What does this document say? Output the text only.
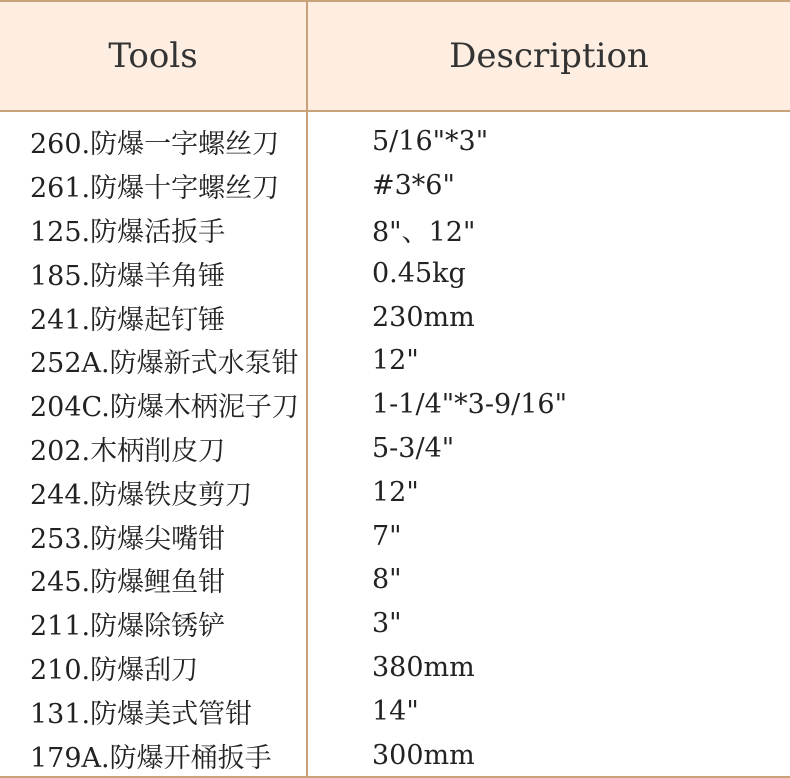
Tools	Description
260.防爆一字螺丝刀	5/16"*3"
261.防爆十字螺丝刀	#3*6"
125.防爆活扳手	8"、12"
185.防爆羊角锤	0.45kg
241.防爆起钉锤	230mm
252A.防爆新式水泵钳	12"
204C.防爆木柄泥子刀	1-1/4"*3-9/16"
202.木柄削皮刀	5-3/4"
244.防爆铁皮剪刀	12"
253.防爆尖嘴钳	7"
245.防爆鲤鱼钳	8"
211.防爆除锈铲	3"
210.防爆刮刀	380mm
131.防爆美式管钳	14"
179A.防爆开桶扳手	300mm
